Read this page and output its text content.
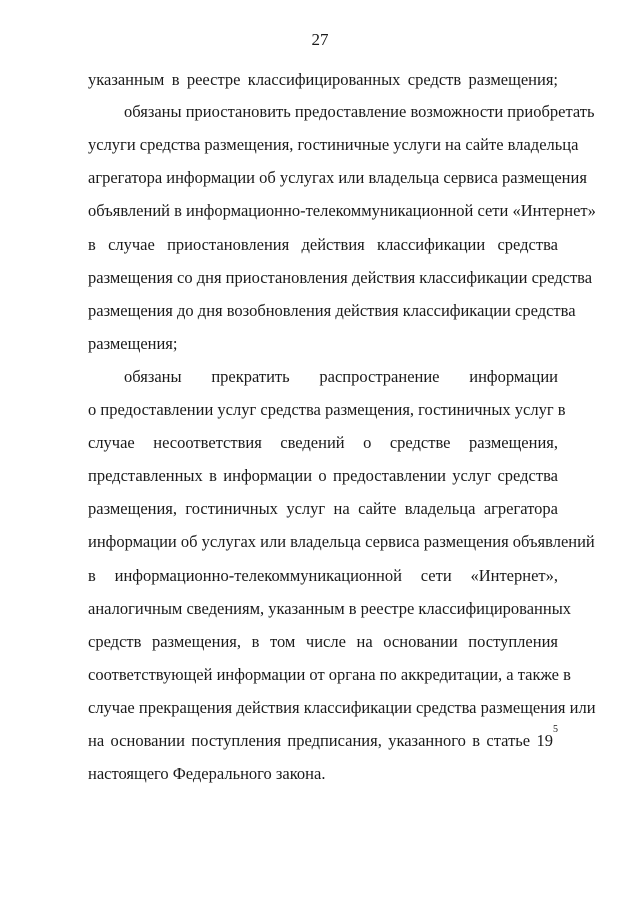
27
указанным в реестре классифицированных средств размещения;
обязаны приостановить предоставление возможности приобретать
услуги средства размещения, гостиничные услуги на сайте владельца
агрегатора информации об услугах или владельца сервиса размещения
объявлений в информационно-телекоммуникационной сети «Интернет»
в случае приостановления действия классификации средства
размещения со дня приостановления действия классификации средства
размещения до дня возобновления действия классификации средства
размещения;
обязаны прекратить распространение информации
о предоставлении услуг средства размещения, гостиничных услуг в
случае несоответствия сведений о средстве размещения,
представленных в информации о предоставлении услуг средства
размещения, гостиничных услуг на сайте владельца агрегатора
информации об услугах или владельца сервиса размещения объявлений
в информационно-телекоммуникационной сети «Интернет»,
аналогичным сведениям, указанным в реестре классифицированных
средств размещения, в том числе на основании поступления
соответствующей информации от органа по аккредитации, а также в
случае прекращения действия классификации средства размещения или
на основании поступления предписания, указанного в статье 19
5
настоящего Федерального закона.
